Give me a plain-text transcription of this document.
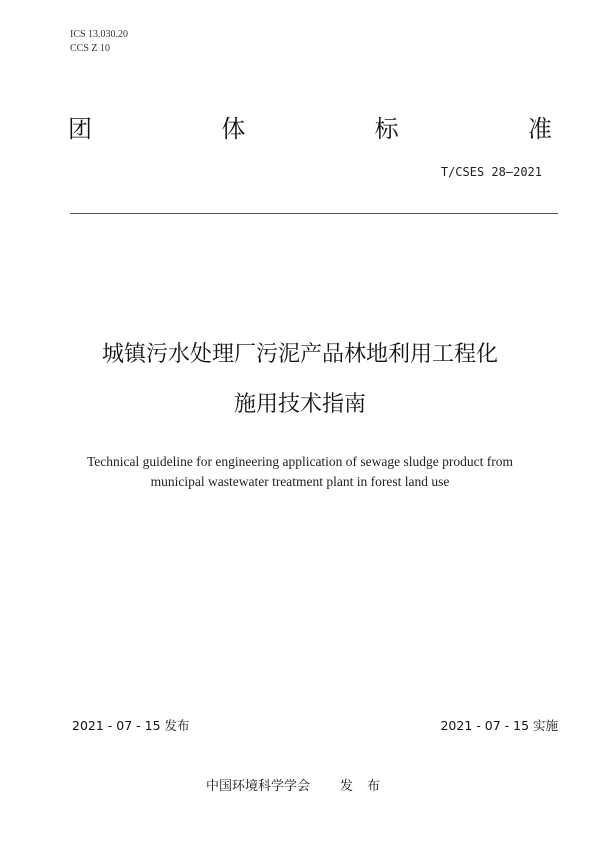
ICS 13.030.20
CCS Z 10
团	体	标	准
T/CSES 28—2021
城镇污水处理厂污泥产品林地利用工程化
施用技术指南
Technical guideline for engineering application of sewage sludge product from
municipal wastewater treatment plant in forest land use
2021 - 07 - 15 发布	2021 - 07 - 15 实施
中国环境科学学会 发布
